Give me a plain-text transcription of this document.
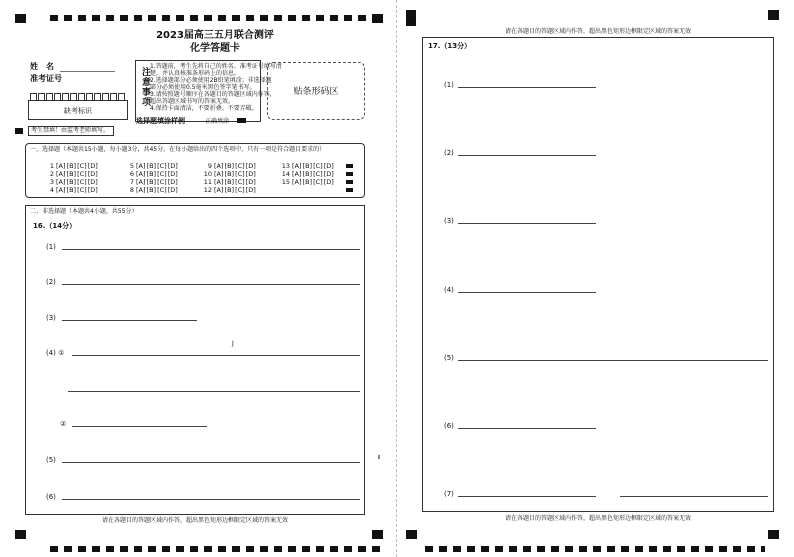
2023届高三五月联合测评
化学答题卡
姓　名
准考证号
缺考标识
注意事项
1.答题前，考生先将自己的姓名、准考证号填写清
楚，并认真核准条形码上的信息。
2.选择题部分必须使用2B铅笔填涂；非选择题
部分必须使用0.5毫米黑色签字笔书写。
3.请按照题号顺序在各题目的答题区域内作答，
超出答题区域书写的答案无效。
4.保持卡面清洁，不要折叠、不要弄破。
选择题填涂样例	正确填涂
贴条形码区
考生禁填！由监考老师填写。
一、选择题（本题共15小题，每小题3分，共45分。在每小题给出的四个选项中，只有一项是符合题目要求的）
1 [A][B][C][D]
2 [A][B][C][D]
3 [A][B][C][D]
4 [A][B][C][D]
5 [A][B][C][D]
6 [A][B][C][D]
7 [A][B][C][D]
8 [A][B][C][D]
9 [A][B][C][D]
10 [A][B][C][D]
11 [A][B][C][D]
12 [A][B][C][D]
13 [A][B][C][D]
14 [A][B][C][D]
15 [A][B][C][D]
二、非选择题（本题共4小题，共55分）
16.（14分）
(1)
(2)
(3)
(4) ①
J
②
(5)
(6)
请在各题目的答题区域内作答，超出黑色矩形边框限定区域的答案无效
请在各题目的答题区域内作答，超出黑色矩形边框限定区域的答案无效
17.（13分）
(1)
(2)
(3)
(4)
(5)
(6)
(7)
请在各题目的答题区域内作答，超出黑色矩形边框限定区域的答案无效
